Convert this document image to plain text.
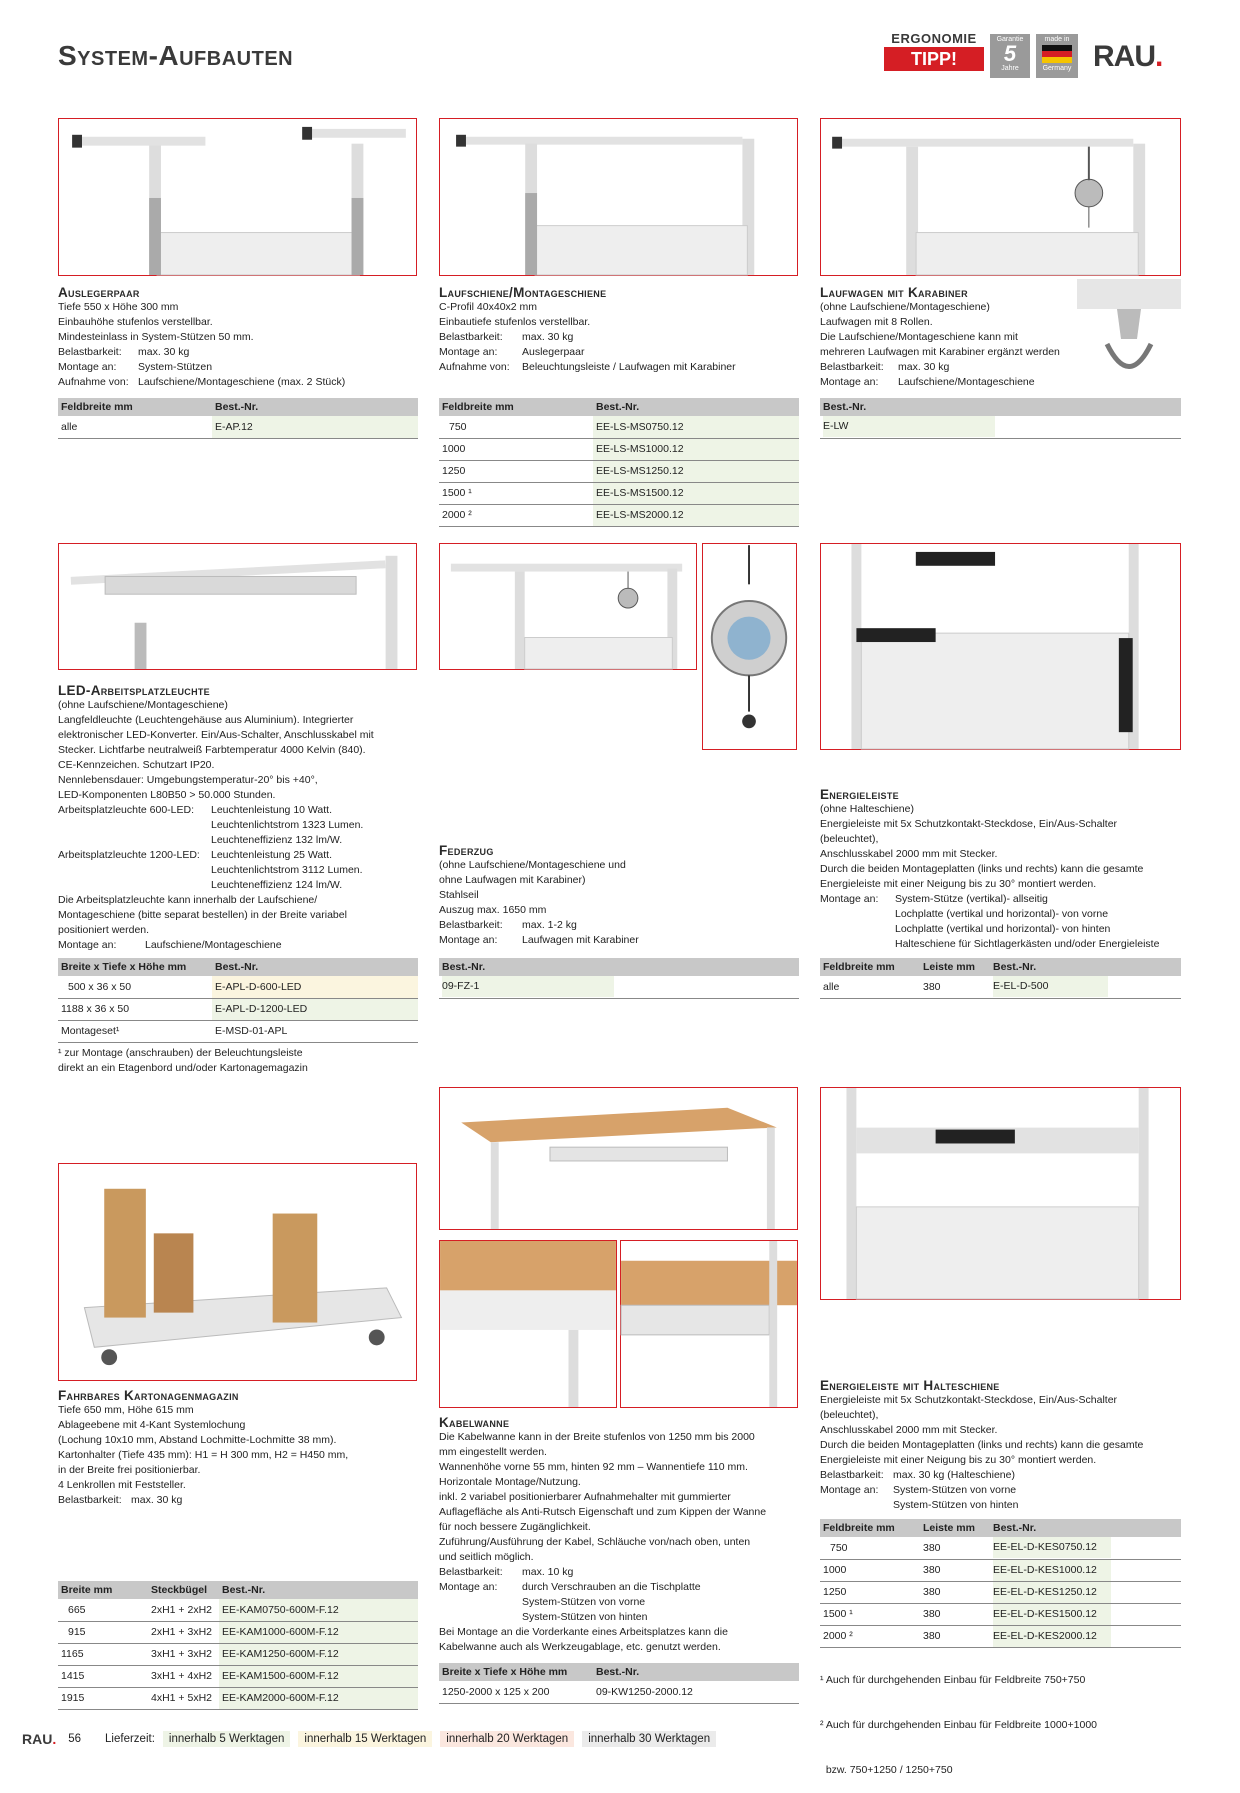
System-Aufbauten
ERGONOMIE
TIPP!
Garantie
5
Jahre
made in
Germany RAU.
Auslegerpaar
Tiefe 550 x Höhe 300 mm
Einbauhöhe stufenlos verstellbar.
Mindesteinlass in System-Stützen 50 mm.
Belastbarkeit:	max. 30 kg
Montage an:	System-Stützen
Aufnahme von: Laufschiene/Montageschiene (max. 2 Stück)
Feldbreite mm	Best.-Nr.
alle	E-AP.12
Laufschiene/Montageschiene
C-Profil 40x40x2 mm
Einbautiefe stufenlos verstellbar.
Belastbarkeit:	max. 30 kg
Montage an:	Auslegerpaar
Aufnahme von:	Beleuchtungsleiste / Laufwagen mit Karabiner
Feldbreite mm	Best.-Nr.
750	EE-LS-MS0750.12
1000	EE-LS-MS1000.12
1250	EE-LS-MS1250.12
1500 ¹	EE-LS-MS1500.12
2000 ²	EE-LS-MS2000.12
Laufwagen mit Karabiner
(ohne Laufschiene/Montageschiene)
Laufwagen mit 8 Rollen.
Die Laufschiene/Montageschiene kann mit
mehreren Laufwagen mit Karabiner ergänzt werden
Belastbarkeit:	max. 30 kg
Montage an:	Laufschiene/Montageschiene
Best.-Nr.
E-LW
LED-Arbeitsplatzleuchte
(ohne Laufschiene/Montageschiene)
Langfeldleuchte (Leuchtengehäuse aus Aluminium). Integrierter
elektronischer LED-Konverter. Ein/Aus-Schalter, Anschlusskabel mit
Stecker. Lichtfarbe neutralweiß Farbtemperatur 4000 Kelvin (840).
CE-Kennzeichen. Schutzart IP20.
Nennlebensdauer: Umgebungstemperatur-20° bis +40°,
LED-Komponenten L80B50 > 50.000 Stunden.
Arbeitsplatzleuchte 600-LED:	Leuchtenleistung 10 Watt.
Leuchtenlichtstrom 1323 Lumen.
Leuchteneffizienz 132 lm/W.
Arbeitsplatzleuchte 1200-LED:	Leuchtenleistung 25 Watt.
Leuchtenlichtstrom 3112 Lumen.
Leuchteneffizienz 124 lm/W.
Die Arbeitsplatzleuchte kann innerhalb der Laufschiene/
Montageschiene (bitte separat bestellen) in der Breite variabel
positioniert werden.
Montage an:	Laufschiene/Montageschiene
Breite x Tiefe x Höhe mm	Best.-Nr.
500 x 36 x 50	E-APL-D-600-LED
1188 x 36 x 50	E-APL-D-1200-LED
Montageset¹	E-MSD-01-APL
¹ zur Montage (anschrauben) der Beleuchtungsleiste
direkt an ein Etagenbord und/oder Kartonagemagazin
Federzug
(ohne Laufschiene/Montageschiene und
ohne Laufwagen mit Karabiner)
Stahlseil
Auszug max. 1650 mm
Belastbarkeit:	max. 1-2 kg
Montage an:	Laufwagen mit Karabiner
Best.-Nr.
09-FZ-1
Energieleiste
(ohne Halteschiene)
Energieleiste mit 5x Schutzkontakt-Steckdose, Ein/Aus-Schalter
(beleuchtet),
Anschlusskabel 2000 mm mit Stecker.
Durch die beiden Montageplatten (links und rechts) kann die gesamte
Energieleiste mit einer Neigung bis zu 30° montiert werden.
Montage an:	System-Stütze (vertikal)- allseitig
Lochplatte (vertikal und horizontal)- von vorne
Lochplatte (vertikal und horizontal)- von hinten
Halteschiene für Sichtlagerkästen und/oder Energieleiste
Feldbreite mm	Leiste mm	Best.-Nr.
alle	380	E-EL-D-500
Fahrbares Kartonagenmagazin
Tiefe 650 mm, Höhe 615 mm
Ablageebene mit 4-Kant Systemlochung
(Lochung 10x10 mm, Abstand Lochmitte-Lochmitte 38 mm).
Kartonhalter (Tiefe 435 mm): H1 = H 300 mm, H2 = H450 mm,
in der Breite frei positionierbar.
4 Lenkrollen mit Feststeller.
Belastbarkeit: max. 30 kg
Breite mm	Steckbügel	Best.-Nr.
665	2xH1 + 2xH2	EE-KAM0750-600M-F.12
915	2xH1 + 3xH2	EE-KAM1000-600M-F.12
1165	3xH1 + 3xH2	EE-KAM1250-600M-F.12
1415	3xH1 + 4xH2	EE-KAM1500-600M-F.12
1915	4xH1 + 5xH2	EE-KAM2000-600M-F.12
Kabelwanne
Die Kabelwanne kann in der Breite stufenlos von 1250 mm bis 2000
mm eingestellt werden.
Wannenhöhe vorne 55 mm, hinten 92 mm – Wannentiefe 110 mm.
Horizontale Montage/Nutzung.
inkl. 2 variabel positionierbarer Aufnahmehalter mit gummierter
Auflagefläche als Anti-Rutsch Eigenschaft und zum Kippen der Wanne
für noch bessere Zugänglichkeit.
Zuführung/Ausführung der Kabel, Schläuche von/nach oben, unten
und seitlich möglich.
Belastbarkeit:	max. 10 kg
Montage an:	durch Verschrauben an die Tischplatte
System-Stützen von vorne
System-Stützen von hinten
Bei Montage an die Vorderkante eines Arbeitsplatzes kann die
Kabelwanne auch als Werkzeugablage, etc. genutzt werden.
Breite x Tiefe x Höhe mm	Best.-Nr.
1250-2000 x 125 x 200	09-KW1250-2000.12
Energieleiste mit Halteschiene
Energieleiste mit 5x Schutzkontakt-Steckdose, Ein/Aus-Schalter
(beleuchtet),
Anschlusskabel 2000 mm mit Stecker.
Durch die beiden Montageplatten (links und rechts) kann die gesamte
Energieleiste mit einer Neigung bis zu 30° montiert werden.
Belastbarkeit: max. 30 kg (Halteschiene)
Montage an:	System-Stützen von vorne
System-Stützen von hinten
Feldbreite mm	Leiste mm	Best.-Nr.
750	380	EE-EL-D-KES0750.12
1000	380	EE-EL-D-KES1000.12
1250	380	EE-EL-D-KES1250.12
1500 ¹	380	EE-EL-D-KES1500.12
2000 ²	380	EE-EL-D-KES2000.12

¹ Auch für durchgehenden Einbau für Feldbreite 750+750

² Auch für durchgehenden Einbau für Feldbreite 1000+1000

bzw. 750+1250 / 1250+750

RAU. 56 Lieferzeit:	innerhalb 5 Werktagen	innerhalb 15 Werktagen	innerhalb 20 Werktagen	innerhalb 30 Werktagen
